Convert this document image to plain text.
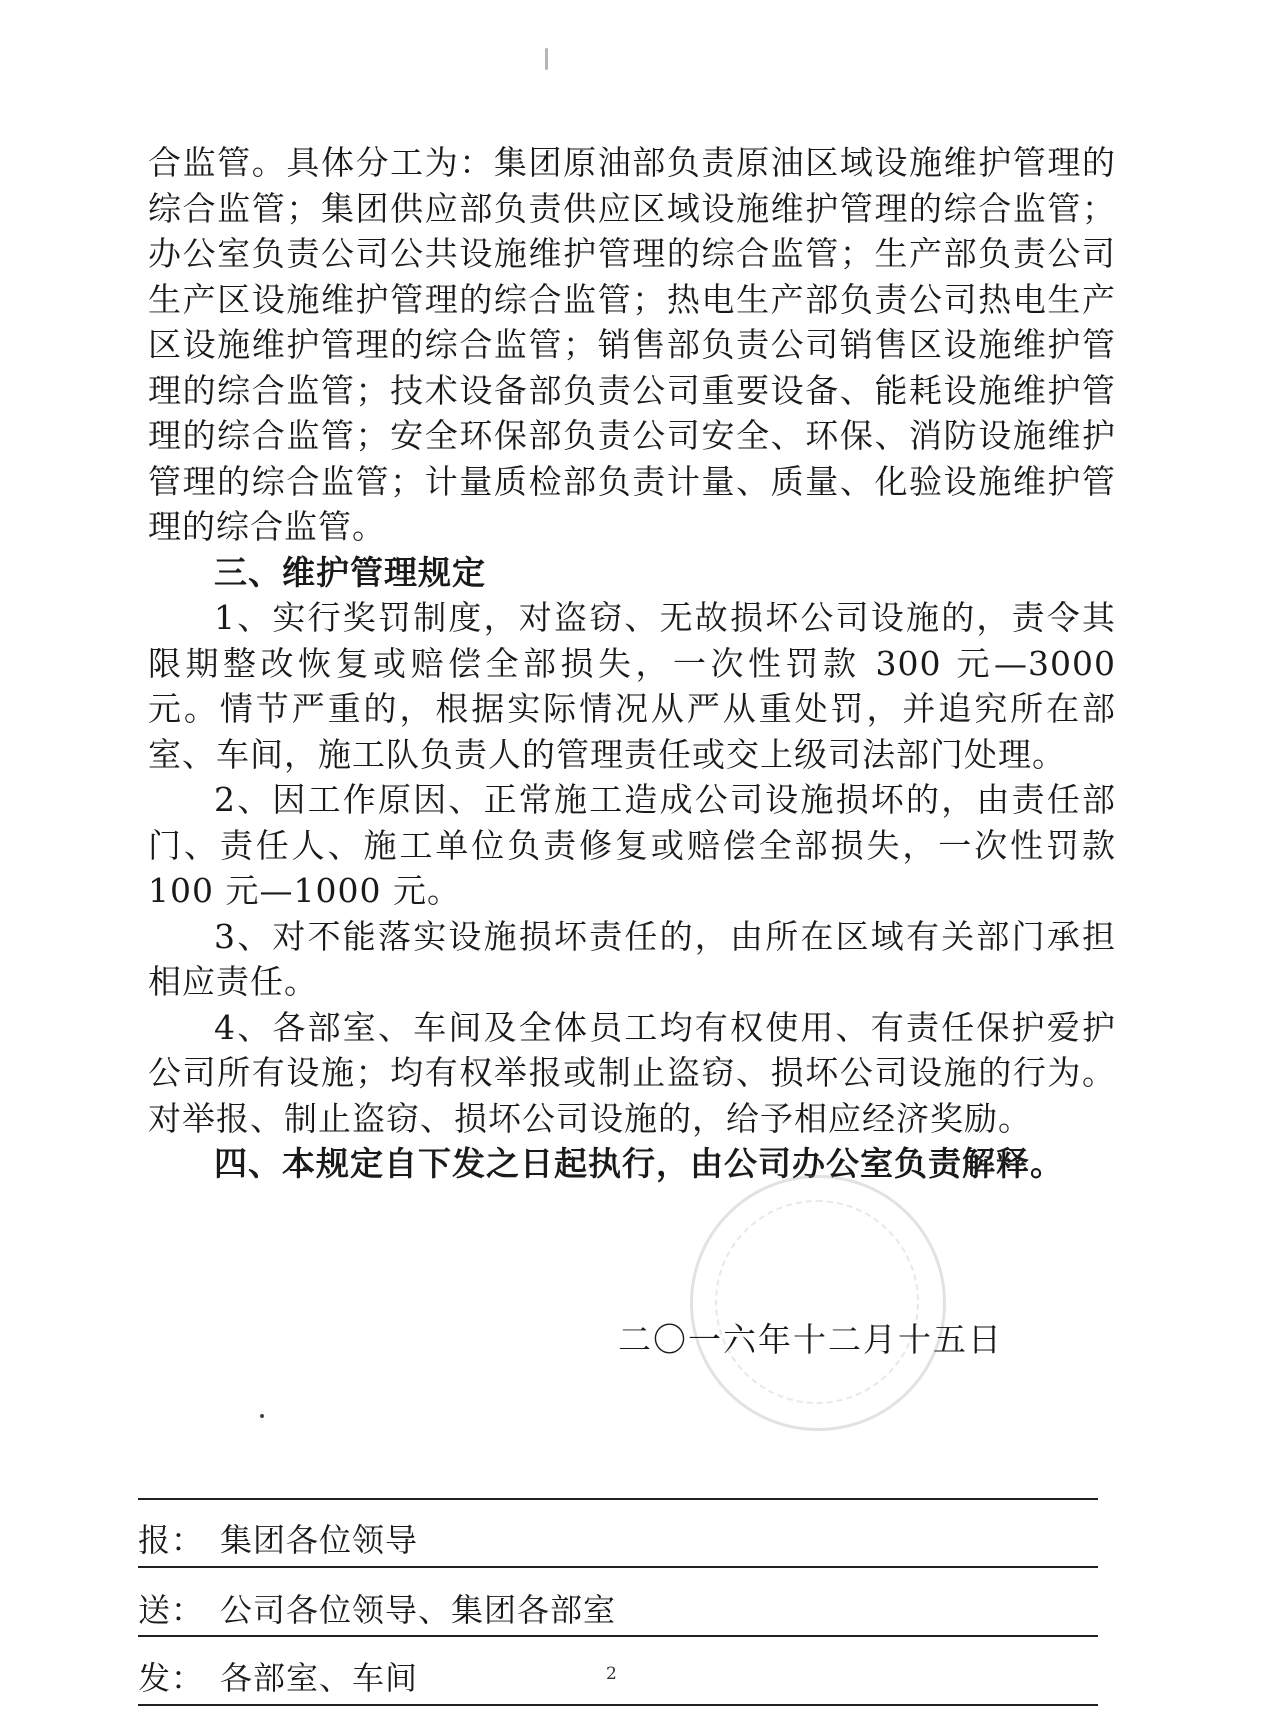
合监管。具体分工为：集团原油部负责原油区域设施维护管理的综合监管；集团供应部负责供应区域设施维护管理的综合监管；办公室负责公司公共设施维护管理的综合监管；生产部负责公司生产区设施维护管理的综合监管；热电生产部负责公司热电生产区设施维护管理的综合监管；销售部负责公司销售区设施维护管理的综合监管；技术设备部负责公司重要设备、能耗设施维护管理的综合监管；安全环保部负责公司安全、环保、消防设施维护管理的综合监管；计量质检部负责计量、质量、化验设施维护管理的综合监管。

三、维护管理规定

1、实行奖罚制度，对盗窃、无故损坏公司设施的，责令其限期整改恢复或赔偿全部损失，一次性罚款 300 元—3000 元。情节严重的，根据实际情况从严从重处罚，并追究所在部室、车间，施工队负责人的管理责任或交上级司法部门处理。

2、因工作原因、正常施工造成公司设施损坏的，由责任部门、责任人、施工单位负责修复或赔偿全部损失，一次性罚款 100 元—1000 元。

3、对不能落实设施损坏责任的，由所在区域有关部门承担相应责任。

4、各部室、车间及全体员工均有权使用、有责任保护爱护公司所有设施；均有权举报或制止盗窃、损坏公司设施的行为。对举报、制止盗窃、损坏公司设施的，给予相应经济奖励。

四、本规定自下发之日起执行，由公司办公室负责解释。

二〇一六年十二月十五日
报： 集团各位领导
送： 公司各位领导、集团各部室
发： 各部室、车间	2
